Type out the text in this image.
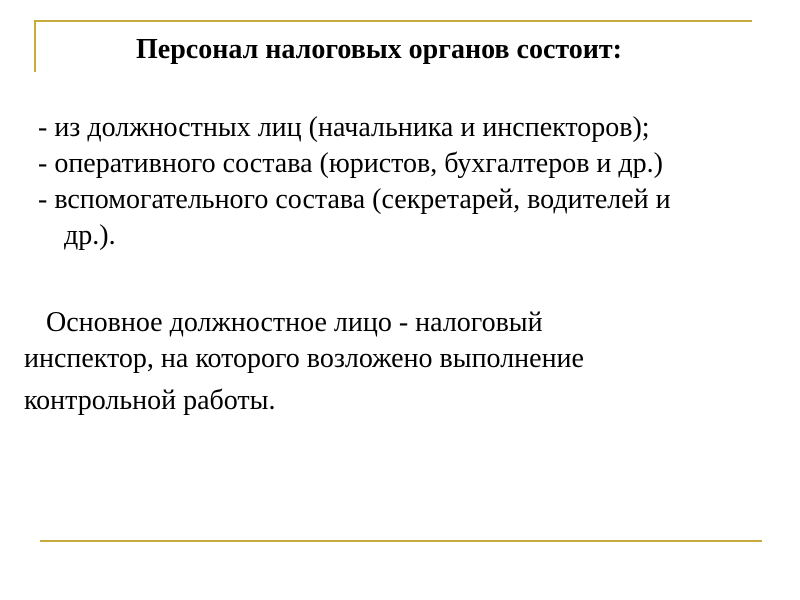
Персонал налоговых органов состоит:
- из должностных лиц (начальника и инспекторов);
- оперативного состава (юристов, бухгалтеров и др.)
- вспомогательного состава (секретарей, водителей и
др.).
Основное должностное лицо - налоговый
инспектор, на которого возложено выполнение
контрольной работы.
